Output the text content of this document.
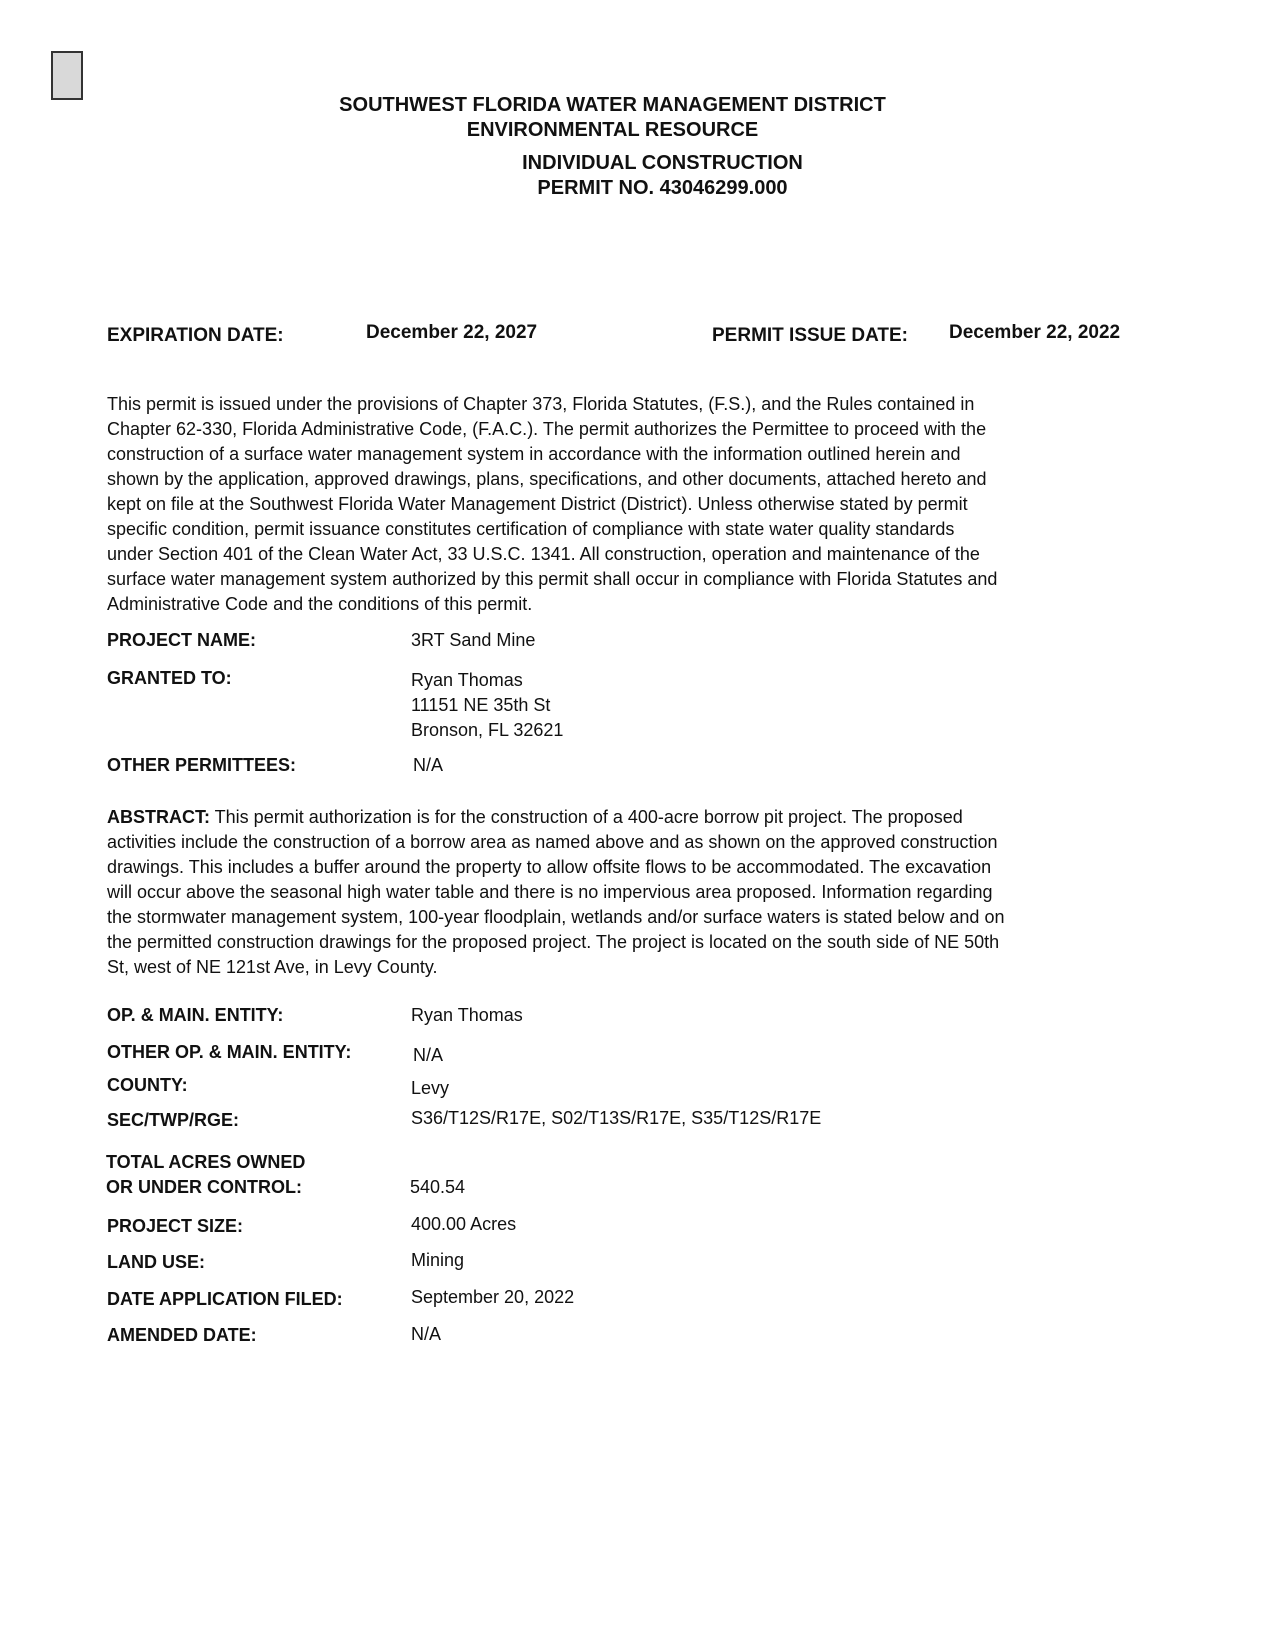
SOUTHWEST FLORIDA WATER MANAGEMENT DISTRICT
ENVIRONMENTAL RESOURCE
INDIVIDUAL CONSTRUCTION
PERMIT NO. 43046299.000
EXPIRATION DATE:	December 22, 2027	PERMIT ISSUE DATE: December 22, 2022
This permit is issued under the provisions of Chapter 373, Florida Statutes, (F.S.), and the Rules contained in
Chapter 62-330, Florida Administrative Code, (F.A.C.). The permit authorizes the Permittee to proceed with the
construction of a surface water management system in accordance with the information outlined herein and
shown by the application, approved drawings, plans, specifications, and other documents, attached hereto and
kept on file at the Southwest Florida Water Management District (District). Unless otherwise stated by permit
specific condition, permit issuance constitutes certification of compliance with state water quality standards
under Section 401 of the Clean Water Act, 33 U.S.C. 1341. All construction, operation and maintenance of the
surface water management system authorized by this permit shall occur in compliance with Florida Statutes and
Administrative Code and the conditions of this permit.
PROJECT NAME:	3RT Sand Mine
GRANTED TO:	Ryan Thomas
11151 NE 35th St
Bronson, FL 32621
OTHER PERMITTEES:	N/A
ABSTRACT: This permit authorization is for the construction of a 400-acre borrow pit project. The proposed
activities include the construction of a borrow area as named above and as shown on the approved construction
drawings. This includes a buffer around the property to allow offsite flows to be accommodated. The excavation
will occur above the seasonal high water table and there is no impervious area proposed. Information regarding
the stormwater management system, 100-year floodplain, wetlands and/or surface waters is stated below and on
the permitted construction drawings for the proposed project. The project is located on the south side of NE 50th
St, west of NE 121st Ave, in Levy County.
OP. & MAIN. ENTITY:	Ryan Thomas
OTHER OP. & MAIN. ENTITY:	N/A
COUNTY:	Levy
SEC/TWP/RGE:	S36/T12S/R17E, S02/T13S/R17E, S35/T12S/R17E
TOTAL ACRES OWNED
OR UNDER CONTROL:	540.54
PROJECT SIZE:	400.00 Acres
LAND USE:	Mining
DATE APPLICATION FILED:	September 20, 2022
AMENDED DATE:	N/A
